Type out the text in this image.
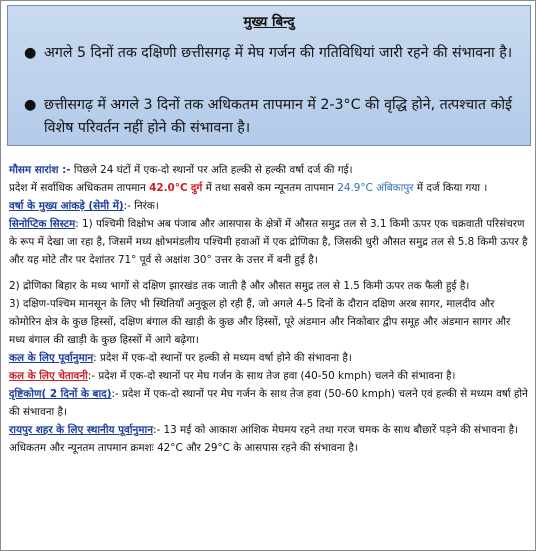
मुख्य बिन्दु
● अगले 5 दिनों तक दक्षिणी छत्तीसगढ़ में मेघ गर्जन की गतिविधियां जारी रहने की संभावना है।
● छत्तीसगढ़ में अगले 3 दिनों तक अधिकतम तापमान में 2-3°C की वृद्धि होने, तत्पश्चात कोई विशेष परिवर्तन नहीं होने की संभावना है।

मौसम सारांश :- पिछले 24 घंटों में एक-दो स्थानों पर अति हल्की से हल्की वर्षा दर्ज की गई।

प्रदेश में सर्वाधिक अधिकतम तापमान 42.0°C दुर्ग में तथा सबसे कम न्यूनतम तापमान 24.9°C अंबिकापुर में दर्ज किया गया ।

वर्षा के मुख्य आंकड़े (सेमी में):- निरंक।

सिनोप्टिक सिस्टम: 1) पश्चिमी विक्षोभ अब पंजाब और आसपास के क्षेत्रों में औसत समुद्र तल से 3.1 किमी ऊपर एक चक्रवाती परिसंचरण के रूप में देखा जा रहा है, जिसमें मध्य क्षोभमंडलीय पश्चिमी हवाओं में एक द्रोणिका है, जिसकी धुरी औसत समुद्र तल से 5.8 किमी ऊपर है और यह मोटे तौर पर देशांतर 71° पूर्व से अक्षांश 30° उत्तर के उत्तर में बनी हुई है।

2) द्रोणिका बिहार के मध्य भागों से दक्षिण झारखंड तक जाती है और औसत समुद्र तल से 1.5 किमी ऊपर तक फैली हुई है।

3) दक्षिण-पश्चिम मानसून के लिए भी स्थितियाँ अनुकूल हो रही हैं, जो अगले 4-5 दिनों के दौरान दक्षिण अरब सागर, मालदीव और कोमोरिन क्षेत्र के कुछ हिस्सों, दक्षिण बंगाल की खाड़ी के कुछ और हिस्सों, पूरे अंडमान और निकोबार द्वीप समूह और अंडमान सागर और मध्य बंगाल की खाड़ी के कुछ हिस्सों में आगे बढ़ेगा।

कल के लिए पूर्वानुमान: प्रदेश में एक-दो स्थानों पर हल्की से मध्यम वर्षा होने की संभावना है।

कल के लिए चेतावनी:- प्रदेश में एक-दो स्थानों पर मेघ गर्जन के साथ तेज हवा (40-50 kmph) चलने की संभावना है।

दृष्टिकोण( 2 दिनों के बाद):- प्रदेश में एक-दो स्थानों पर मेघ गर्जन के साथ तेज हवा (50-60 kmph) चलने एवं हल्की से मध्यम वर्षा होने की संभावना है।

रायपुर शहर के लिए स्थानीय पूर्वानुमान:- 13 मई को आकाश आंशिक मेघमय रहने तथा गरज चमक के साथ बौछारें पड़ने की संभावना है। अधिकतम और न्यूनतम तापमान क्रमशः 42°C और 29°C के आसपास रहने की संभावना है।
